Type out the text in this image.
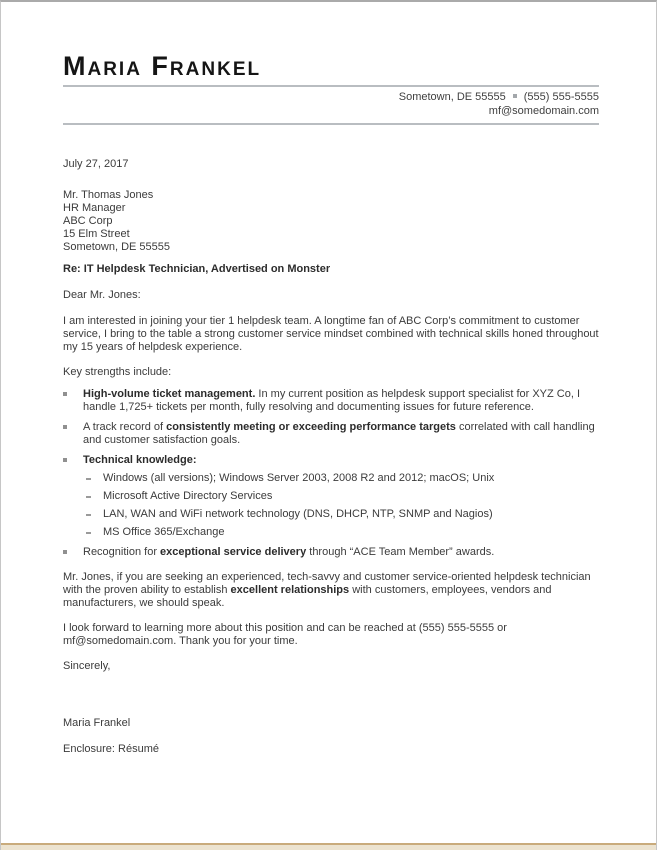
Maria Frankel
Sometown, DE 55555 (555) 555-5555
mf@somedomain.com

July 27, 2017

Mr. Thomas Jones
HR Manager
ABC Corp
15 Elm Street
Sometown, DE 55555

Re: IT Helpdesk Technician, Advertised on Monster

Dear Mr. Jones:

I am interested in joining your tier 1 helpdesk team. A longtime fan of ABC Corp’s commitment to customer service, I bring to the table a strong customer service mindset combined with technical skills honed throughout my 15 years of helpdesk experience.

Key strengths include:

High-volume ticket management. In my current position as helpdesk support specialist for XYZ Co, I handle 1,725+ tickets per month, fully resolving and documenting issues for future reference.
A track record of consistently meeting or exceeding performance targets correlated with call handling and customer satisfaction goals.
Technical knowledge:
Windows (all versions); Windows Server 2003, 2008 R2 and 2012; macOS; Unix
Microsoft Active Directory Services
LAN, WAN and WiFi network technology (DNS, DHCP, NTP, SNMP and Nagios)
MS Office 365/Exchange
Recognition for exceptional service delivery through “ACE Team Member” awards.

Mr. Jones, if you are seeking an experienced, tech-savvy and customer service-oriented helpdesk technician with the proven ability to establish excellent relationships with customers, employees, vendors and manufacturers, we should speak.

I look forward to learning more about this position and can be reached at (555) 555-5555 or mf@somedomain.com. Thank you for your time.

Sincerely,

Maria Frankel

Enclosure: Résumé
